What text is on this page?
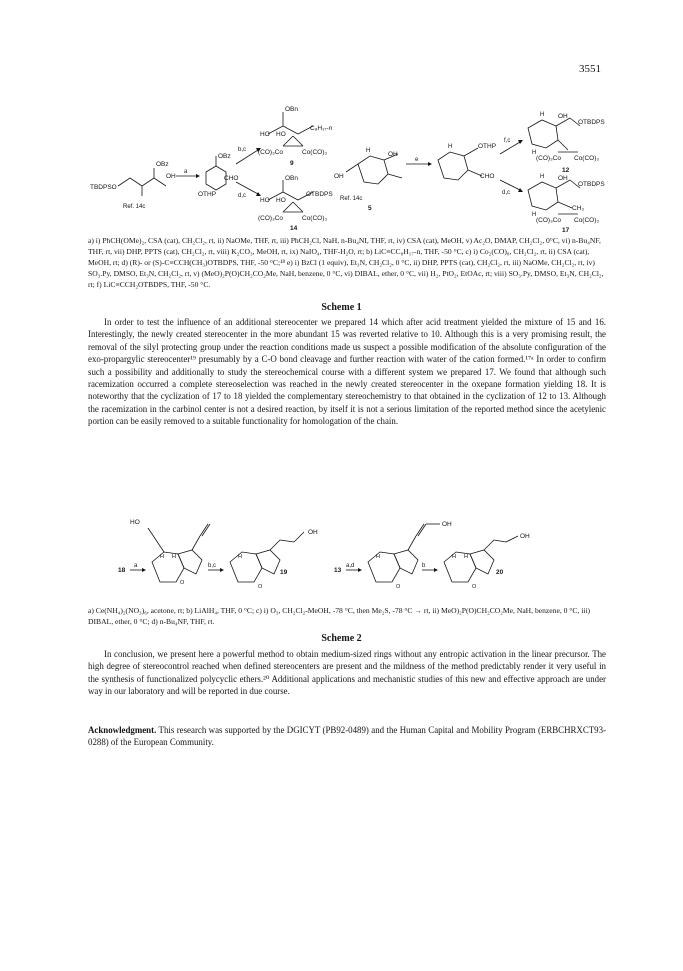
3551
TBDPSO
OH
OBz
Ref. 14c
a
OBz
CHO
OTHP
b,c
OBn
HO HO
C₈H₁₇-n
(CO)₃Co	Co(CO)₃
9
d,c
OBn
HO HO
OTBDPS
(CO)₃Co	Co(CO)₃
14
OH
OH
Ref. 14c
5
H
e
OTHP
CHO
H
f,c
OH
OTBDPS
(CO)₃Co Co(CO)₃
12
H
H
d,c
OH
OTBDPS
CH₃
(CO)₃Co Co(CO)₃
17
H
H
a) i) PhCH(OMe)₂, CSA (cat), CH₂Cl₂, rt, ii) NaOMe, THF, rt, iii) PhCH₂Cl, NaH, n-Bu₄NI, THF, rt, iv) CSA (cat), MeOH, v) Ac₂O, DMAP, CH₂Cl₂, 0°C, vi) n-Bu₄NF, THF, rt, vii) DHP, PPTS (cat), CH₂Cl₂, rt, viii) K₂CO₃, MeOH, rt, ix) NaIO₄, THF-H₂O, rt; b) LiC≡CC₈H₁₇-n, THF, -50 °C, c) i) Co₂(CO)₈, CH₂Cl₂, rt, ii) CSA (cat), MeOH, rt; d) (R)- or (S)-C≡CCH(CH₃)OTBDPS, THF, -50 °C;¹⁸ e) i) BzCl (1 equiv), Et₃N, CH₂Cl₂, 0 °C, ii) DHP, PPTS (cat), CH₂Cl₂, rt, iii) NaOMe, CH₂Cl₂, rt, iv) SO₃.Py, DMSO, Et₃N, CH₂Cl₂, rt, v) (MeO)₂P(O)CH₂CO₂Me, NaH, benzene, 0 °C, vi) DIBAL, ether, 0 °C, vii) H₂, PtO₂, EtOAc, rt; viii) SO₃.Py, DMSO, Et₃N, CH₂Cl₂, rt; f) LiC≡CCH₂OTBDPS, THF, -50 °C.
Scheme 1

In order to test the influence of an additional stereocenter we prepared 14 which after acid treatment yielded the mixture of 15 and 16. Interestingly, the newly created stereocenter in the more abundant 15 was reverted relative to 10. Although this is a very promising result, the removal of the silyl protecting group under the reaction conditions made us suspect a possible modification of the absolute configuration of the exo-propargylic stereocenter¹⁹ presumably by a C-O bond cleavage and further reaction with water of the cation formed.¹⁷ᵃ In order to confirm such a possibility and additionally to study the stereochemical course with a different system we prepared 17. We found that although such racemization occurred a complete stereoselection was reached in the newly created stereocenter in the oxepane formation yielding 18. It is noteworthy that the cyclization of 17 to 18 yielded the complementary stereochemistry to that obtained in the cyclization of 12 to 13. Although the racemization in the carbinol center is not a desired reaction, by itself it is not a serious limitation of the reported method since the acetylenic portion can be easily removed to a suitable functionality for homologation of the chain.

HO
18
a
H H
O
b,c
OH
19
H
O
13
a,d
OH
H
O
b
OH
20
H H
O
a) Ce(NH₄)₂(NO₃)₆, acetone, rt; b) LiAlH₄, THF, 0 °C; c) i) O₃, CH₂Cl₂-MeOH, -78 °C, then Me₂S, -78 °C → rt, ii) MeO)₂P(O)CH₂CO₂Me, NaH, benzene, 0 °C, iii) DIBAL, ether, 0 °C; d) n-Bu₄NF, THF, rt.
Scheme 2

In conclusion, we present here a powerful method to obtain medium-sized rings without any entropic activation in the linear precursor. The high degree of stereocontrol reached when defined stereocenters are present and the mildness of the method predictably render it very useful in the synthesis of functionalized polycyclic ethers.²⁰ Additional applications and mechanistic studies of this new and effective approach are under way in our laboratory and will be reported in due course.

Acknowledgment. This research was supported by the DGICYT (PB92-0489) and the Human Capital and Mobility Program (ERBCHRXCT93-0288) of the European Community.
